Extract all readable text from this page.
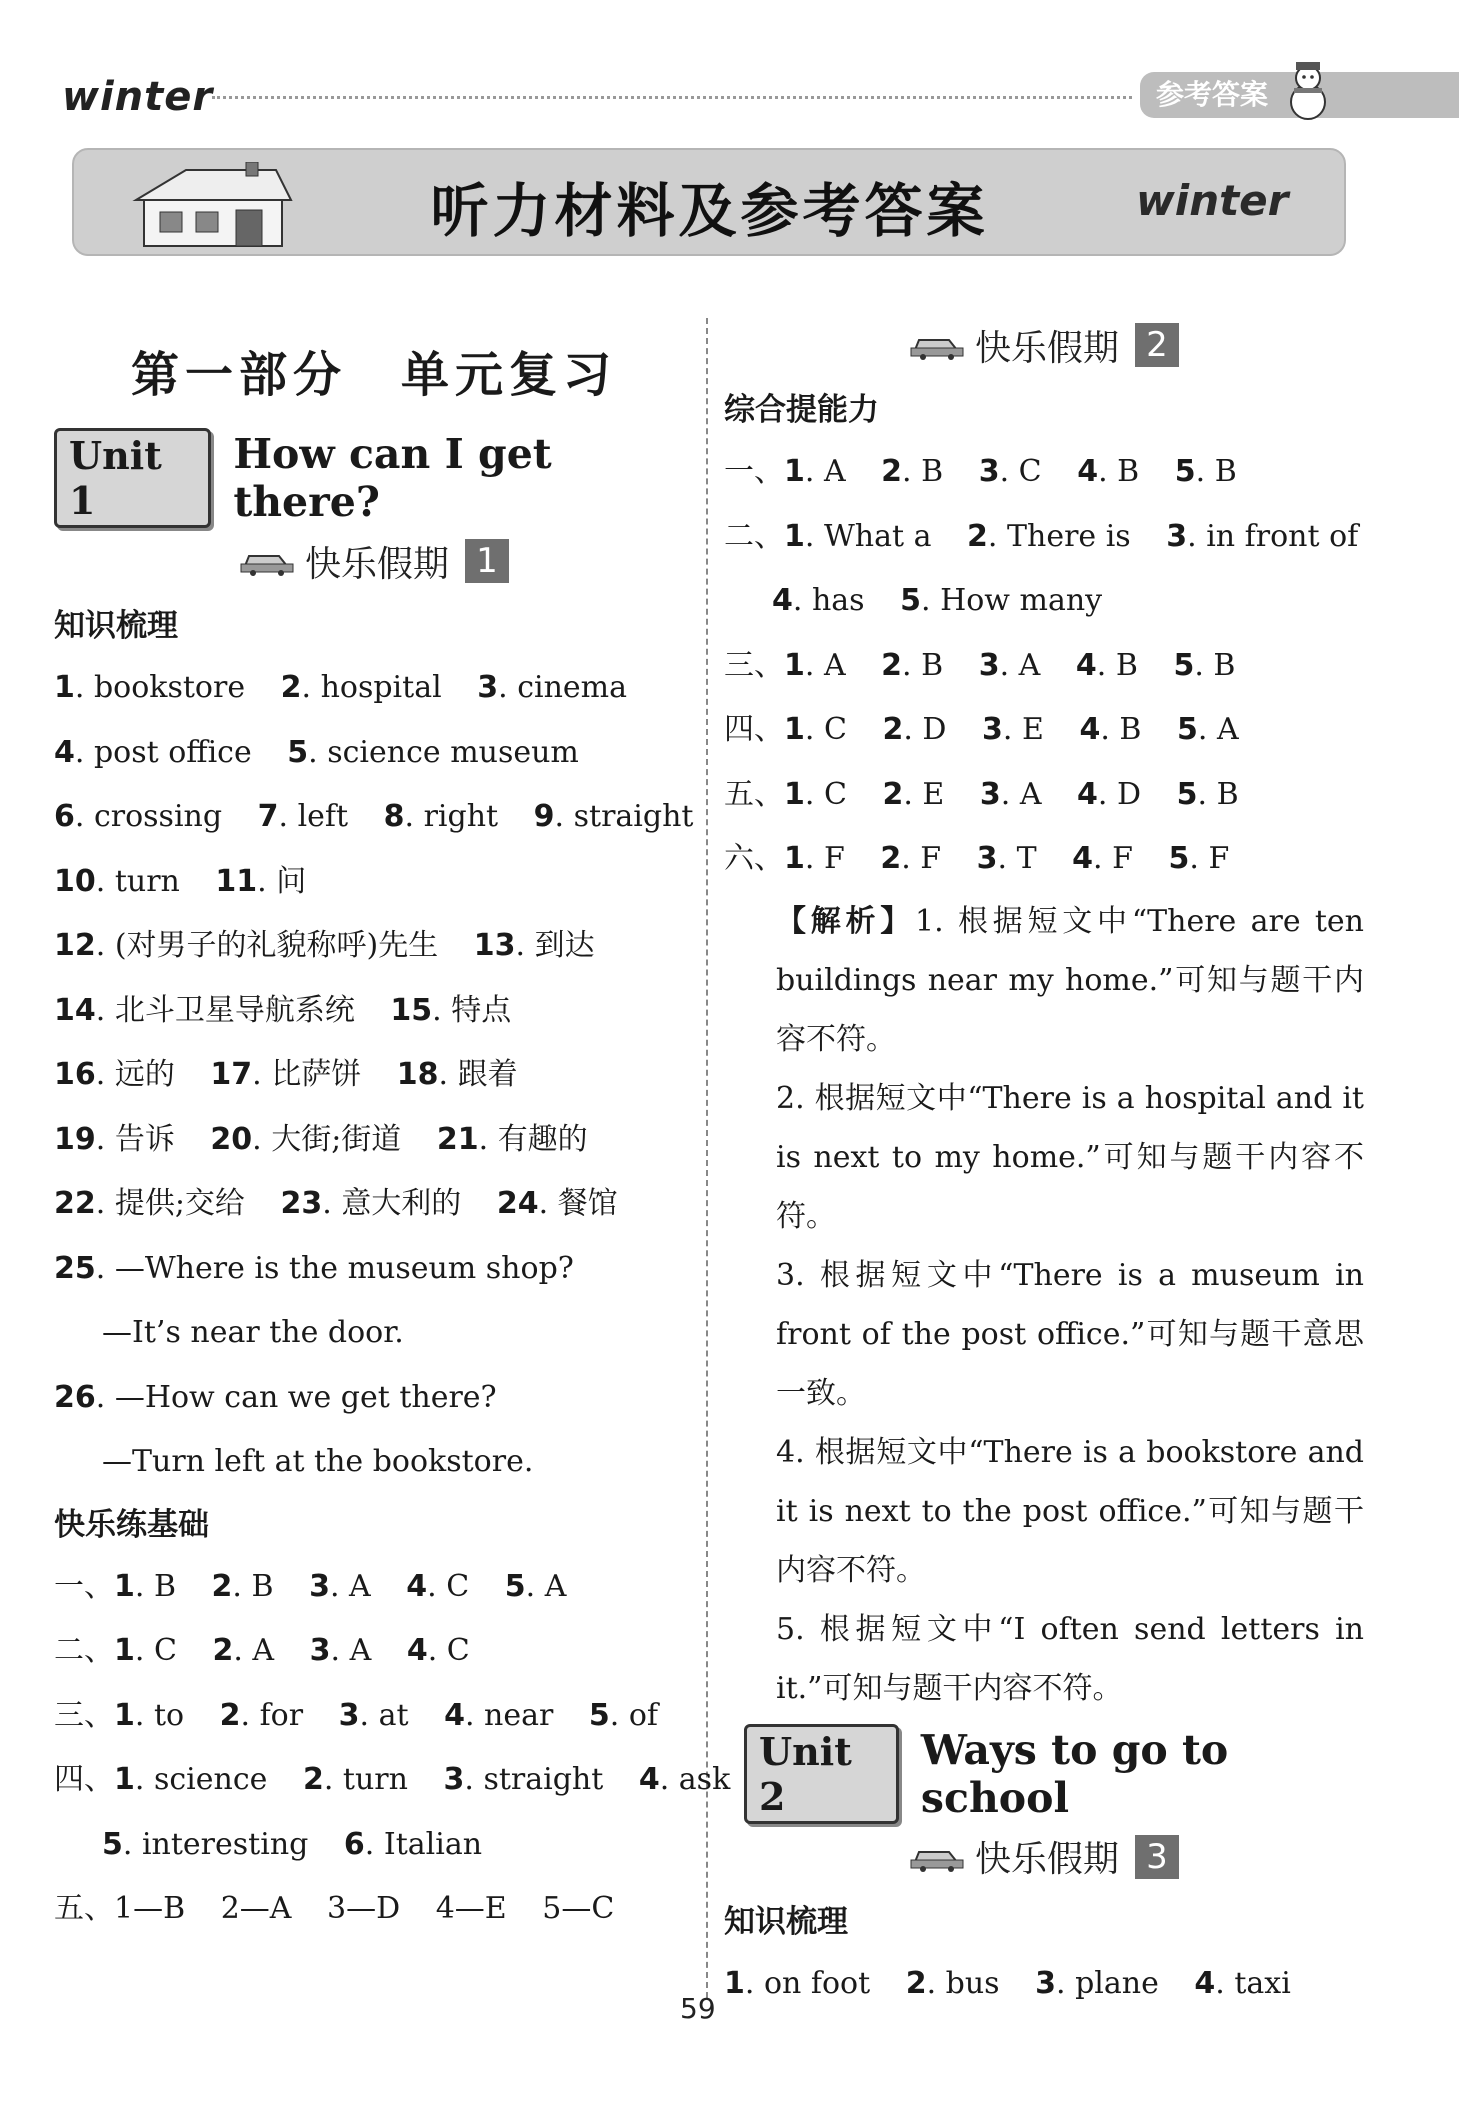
winter	参考答案
听力材料及参考答案	winter
第一部分　单元复习
Unit 1
How can I get there?
快乐假期 1
知识梳理
1. bookstore 2. hospital 3. cinema
4. post office 5. science museum
6. crossing 7. left 8. right 9. straight
10. turn 11. 问
12. (对男子的礼貌称呼)先生 13. 到达
14. 北斗卫星导航系统 15. 特点
16. 远的 17. 比萨饼 18. 跟着
19. 告诉 20. 大街;街道 21. 有趣的
22. 提供;交给 23. 意大利的 24. 餐馆
25. —Where is the museum shop?
—It’s near the door.
26. —How can we get there?
—Turn left at the bookstore.
快乐练基础
一、1. B 2. B 3. A 4. C 5. A
二、1. C 2. A 3. A 4. C
三、1. to 2. for 3. at 4. near 5. of
四、1. science 2. turn 3. straight 4. ask
5. interesting 6. Italian
五、1—B 2—A 3—D 4—E 5—C
快乐假期 2
综合提能力
一、1. A 2. B 3. C 4. B 5. B
二、1. What a 2. There is 3. in front of
4. has 5. How many
三、1. A 2. B 3. A 4. B 5. B
四、1. C 2. D 3. E 4. B 5. A
五、1. C 2. E 3. A 4. D 5. B
六、1. F 2. F 3. T 4. F 5. F
【解析】1. 根据短文中“There are ten buildings near my home.”可知与题干内容不符。
2. 根据短文中“There is a hospital and it is next to my home.”可知与题干内容不符。
3. 根据短文中“There is a museum in front of the post office.”可知与题干意思一致。
4. 根据短文中“There is a bookstore and it is next to the post office.”可知与题干内容不符。
5. 根据短文中“I often send letters in it.”可知与题干内容不符。
Unit 2
Ways to go to school
快乐假期 3
知识梳理
1. on foot 2. bus 3. plane 4. taxi
59
